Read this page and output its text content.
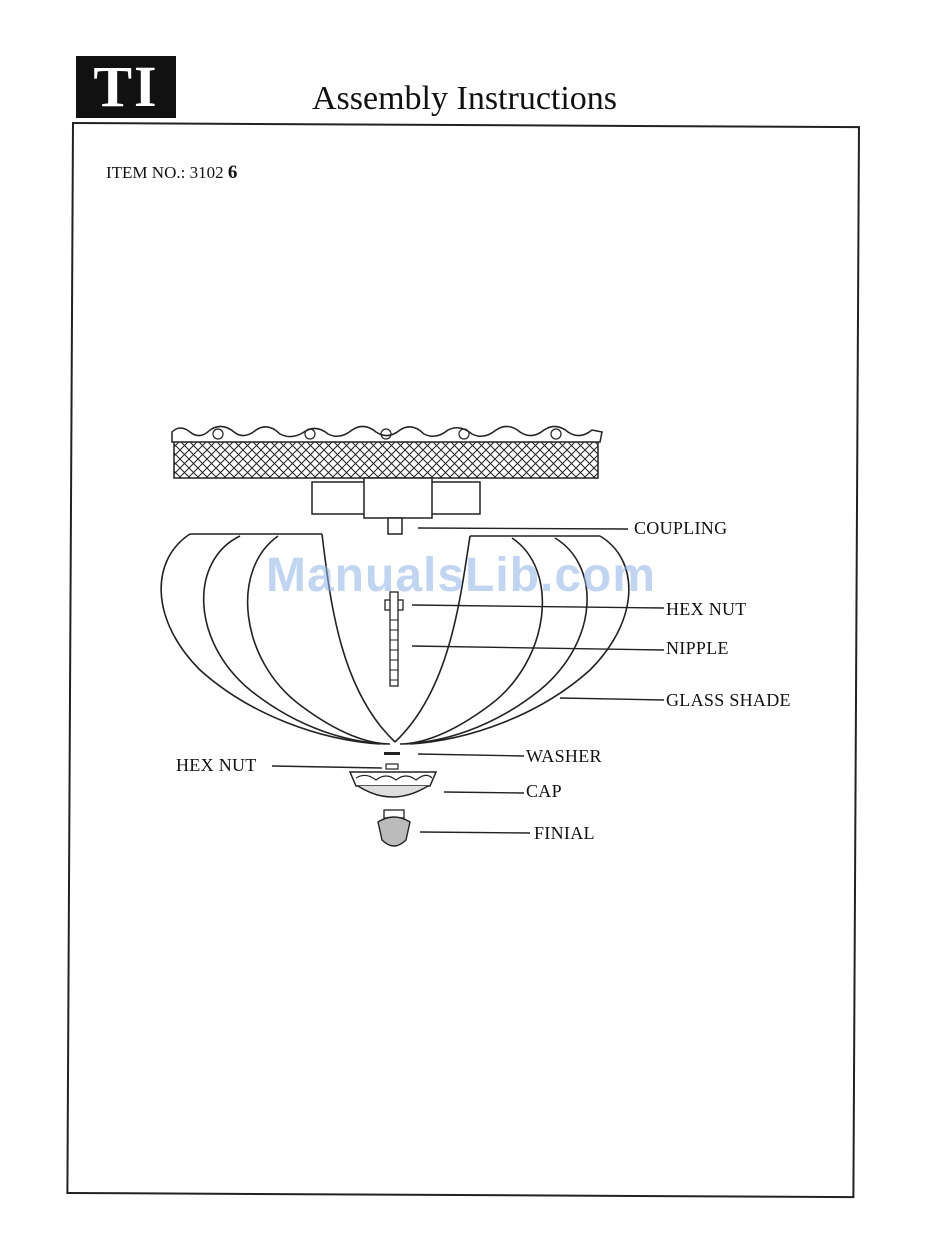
TI	Assembly Instructions
ITEM NO.: 3102 6
ManualsLib.com
COUPLING
HEX NUT
NIPPLE
GLASS SHADE
WASHER
HEX NUT
CAP
FINIAL
